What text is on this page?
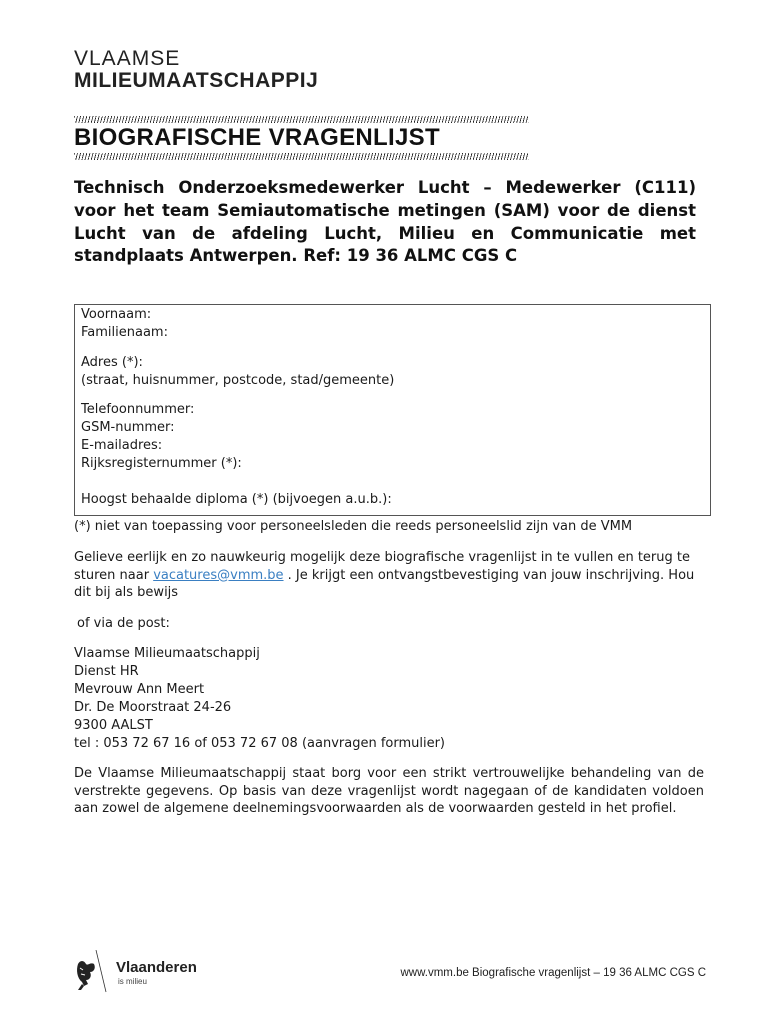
VLAAMSE
MILIEUMAATSCHAPPIJ
BIOGRAFISCHE VRAGENLIJST
Technisch Onderzoeksmedewerker Lucht – Medewerker (C111) voor het team Semiautomatische metingen (SAM) voor de dienst Lucht van de afdeling Lucht, Milieu en Communicatie met standplaats Antwerpen. Ref: 19 36 ALMC CGS C
Voornaam:
Familienaam:
Adres (*):
(straat, huisnummer, postcode, stad/gemeente)
Telefoonnummer:
GSM-nummer:
E-mailadres:
Rijksregisternummer (*):
Hoogst behaalde diploma (*) (bijvoegen a.u.b.):
(*) niet van toepassing voor personeelsleden die reeds personeelslid zijn van de VMM
Gelieve eerlijk en zo nauwkeurig mogelijk deze biografische vragenlijst in te vullen en terug te sturen naar vacatures@vmm.be . Je krijgt een ontvangstbevestiging van jouw inschrijving. Hou dit bij als bewijs
of via de post:
Vlaamse Milieumaatschappij
Dienst HR
Mevrouw Ann Meert
Dr. De Moorstraat 24-26
9300 AALST
tel : 053 72 67 16 of 053 72 67 08 (aanvragen formulier)
De Vlaamse Milieumaatschappij staat borg voor een strikt vertrouwelijke behandeling van de verstrekte gegevens. Op basis van deze vragenlijst wordt nagegaan of de kandidaten voldoen aan zowel de algemene deelnemingsvoorwaarden als de voorwaarden gesteld in het profiel.
Vlaanderen
is milieu
www.vmm.be Biografische vragenlijst – 19 36 ALMC CGS C
